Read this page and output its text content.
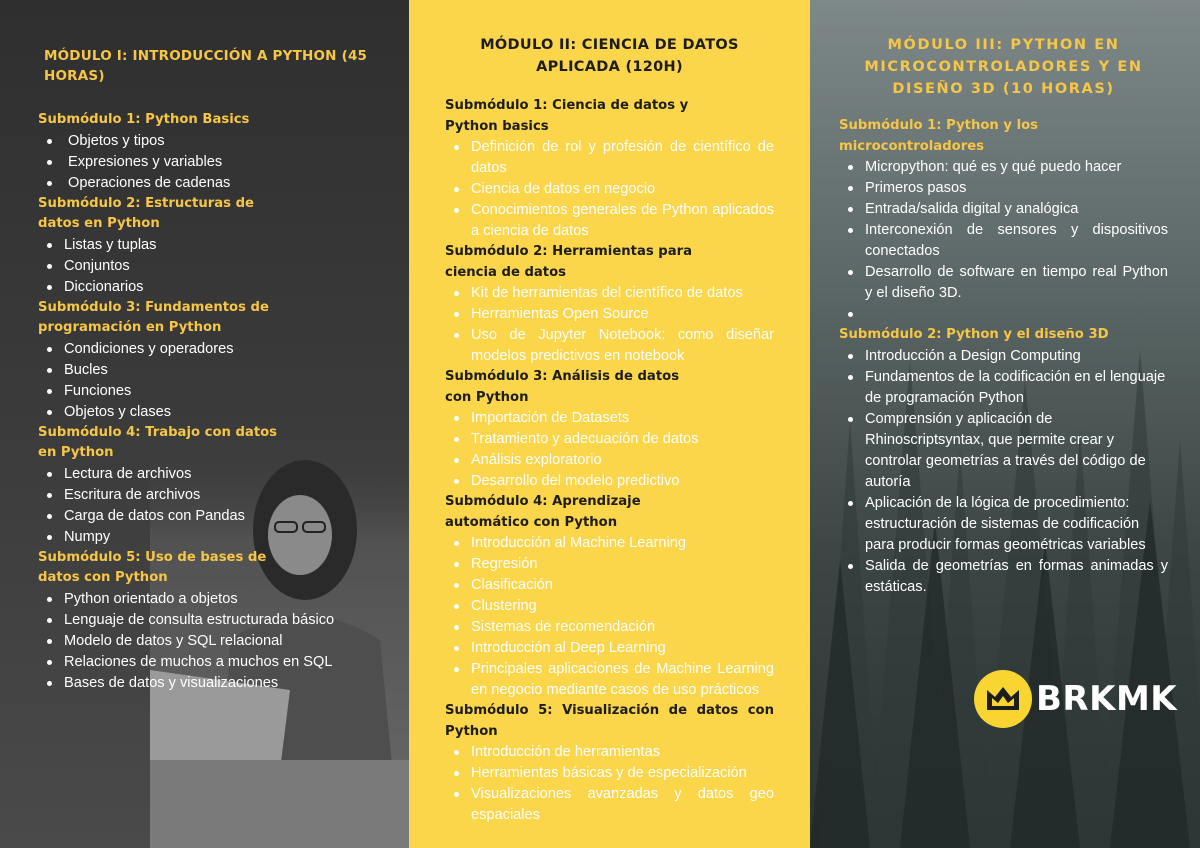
MÓDULO I: INTRODUCCIÓN A PYTHON (45 HORAS)
Submódulo 1: Python Basics
Objetos y tipos
Expresiones y variables
Operaciones de cadenas
Submódulo 2: Estructuras de datos en Python
Listas y tuplas
Conjuntos
Diccionarios
Submódulo 3: Fundamentos de programación en Python
Condiciones y operadores
Bucles
Funciones
Objetos y clases
Submódulo 4: Trabajo con datos en Python
Lectura de archivos
Escritura de archivos
Carga de datos con Pandas
Numpy
Submódulo 5: Uso de bases de datos con Python
Python orientado a objetos
Lenguaje de consulta estructurada básico
Modelo de datos y SQL relacional
Relaciones de muchos a muchos en SQL
Bases de datos y visualizaciones
MÓDULO II: CIENCIA DE DATOS APLICADA (120H)
Submódulo 1: Ciencia de datos y Python basics
Definición de rol y profesión de científico de datos
Ciencia de datos en negocio
Conocimientos generales de Python aplicados a ciencia de datos
Submódulo 2: Herramientas para ciencia de datos
Kit de herramientas del científico de datos
Herramientas Open Source
Uso de Jupyter Notebook: como diseñar modelos predictivos en notebook
Submódulo 3: Análisis de datos con Python
Importación de Datasets
Tratamiento y adecuación de datos
Análisis exploratorio
Desarrollo del modelo predictivo
Submódulo 4: Aprendizaje automático con Python
Introducción al Machine Learning
Regresión
Clasificación
Clustering
Sistemas de recomendación
Introducción al Deep Learning
Principales aplicaciones de Machine Learning en negocio mediante casos de uso prácticos
Submódulo 5: Visualización de datos con Python
Introducción de herramientas
Herramientas básicas y de especialización
Visualizaciones avanzadas y datos geo espaciales
MÓDULO III: PYTHON EN MICROCONTROLADORES Y EN DISEÑO 3D (10 HORAS)
Submódulo 1: Python y los microcontroladores
Micropython: qué es y qué puedo hacer
Primeros pasos
Entrada/salida digital y analógica
Interconexión de sensores y dispositivos conectados
Desarrollo de software en tiempo real Python y el diseño 3D.
Submódulo 2: Python y el diseño 3D
Introducción a Design Computing
Fundamentos de la codificación en el lenguaje de programación Python
Comprensión y aplicación de Rhinoscriptsyntax, que permite crear y controlar geometrías a través del código de autoría
Aplicación de la lógica de procedimiento: estructuración de sistemas de codificación para producir formas geométricas variables
Salida de geometrías en formas animadas y estáticas.
BRKMK
